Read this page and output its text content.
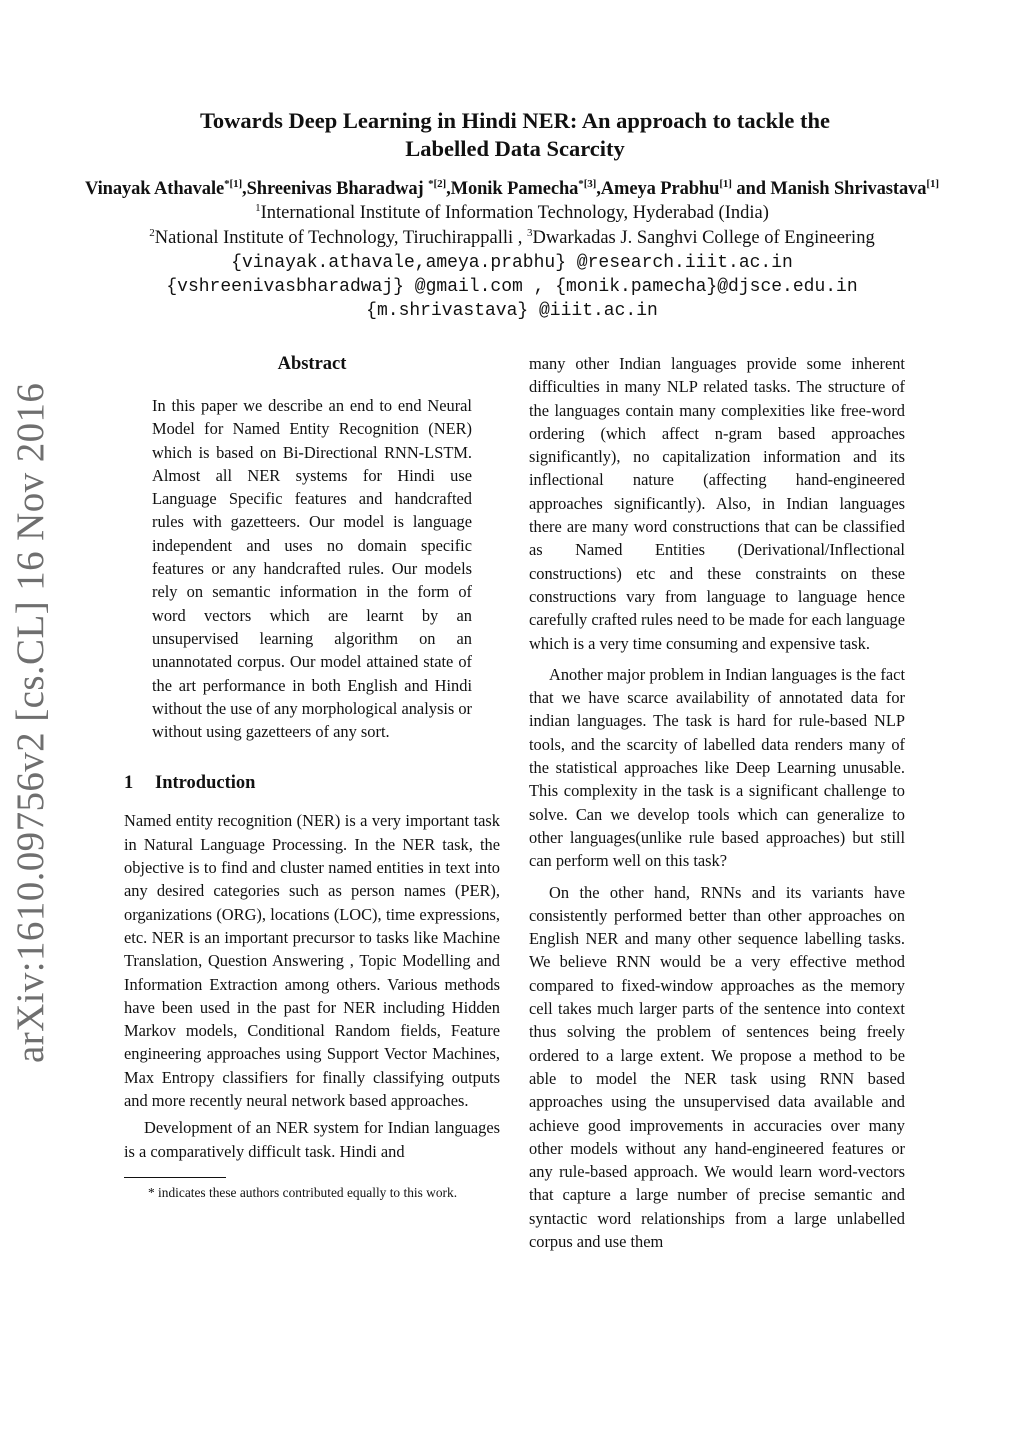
arXiv:1610.09756v2 [cs.CL] 16 Nov 2016
Towards Deep Learning in Hindi NER: An approach to tackle the
Labelled Data Scarcity
Vinayak Athavale$^{*[1]}$,Shreenivas Bharadwaj $^{*[2]}$,Monik Pamecha$^{*[3]}$,Ameya Prabhu[1] and Manish Shrivastava[1]
$^1$International Institute of Information Technology, Hyderabad (India)
$^2$National Institute of Technology, Tiruchirappalli , $^3$Dwarkadas J. Sanghvi College of Engineering
{vinayak.athavale,ameya.prabhu} @research.iiit.ac.in
{vshreenivasbharadwaj} @gmail.com , {monik.pamecha}@djsce.edu.in
{m.shrivastava} @iiit.ac.in
Abstract

In this paper we describe an end to end Neural Model for Named Entity Recognition (NER) which is based on Bi-Directional RNN-LSTM. Almost all NER systems for Hindi use Language Specific features and handcrafted rules with gazetteers. Our model is language independent and uses no domain specific features or any handcrafted rules. Our models rely on semantic information in the form of word vectors which are learnt by an unsupervised learning algorithm on an unannotated corpus. Our model attained state of the art performance in both English and Hindi without the use of any morphological analysis or without using gazetteers of any sort.

1 Introduction

Named entity recognition (NER) is a very important task in Natural Language Processing. In the NER task, the objective is to find and cluster named entities in text into any desired categories such as person names (PER), organizations (ORG), locations (LOC), time expressions, etc. NER is an important precursor to tasks like Machine Translation, Question Answering , Topic Modelling and Information Extraction among others. Various methods have been used in the past for NER including Hidden Markov models, Conditional Random fields, Feature engineering approaches using Support Vector Machines, Max Entropy classifiers for finally classifying outputs and more recently neural network based approaches.

Development of an NER system for Indian languages is a comparatively difficult task. Hindi and

* indicates these authors contributed equally to this work.

many other Indian languages provide some inherent difficulties in many NLP related tasks. The structure of the languages contain many complexities like free-word ordering (which affect n-gram based approaches significantly), no capitalization information and its inflectional nature (affecting hand-engineered approaches significantly). Also, in Indian languages there are many word constructions that can be classified as Named Entities (Derivational/Inflectional constructions) etc and these constraints on these constructions vary from language to language hence carefully crafted rules need to be made for each language which is a very time consuming and expensive task.

Another major problem in Indian languages is the fact that we have scarce availability of annotated data for indian languages. The task is hard for rule-based NLP tools, and the scarcity of labelled data renders many of the statistical approaches like Deep Learning unusable. This complexity in the task is a significant challenge to solve. Can we develop tools which can generalize to other languages(unlike rule based approaches) but still can perform well on this task?

On the other hand, RNNs and its variants have consistently performed better than other approaches on English NER and many other sequence labelling tasks. We believe RNN would be a very effective method compared to fixed-window approaches as the memory cell takes much larger parts of the sentence into context thus solving the problem of sentences being freely ordered to a large extent. We propose a method to be able to model the NER task using RNN based approaches using the unsupervised data available and achieve good improvements in accuracies over many other models without any hand-engineered features or any rule-based approach. We would learn word-vectors that capture a large number of precise semantic and syntactic word relationships from a large unlabelled corpus and use them
